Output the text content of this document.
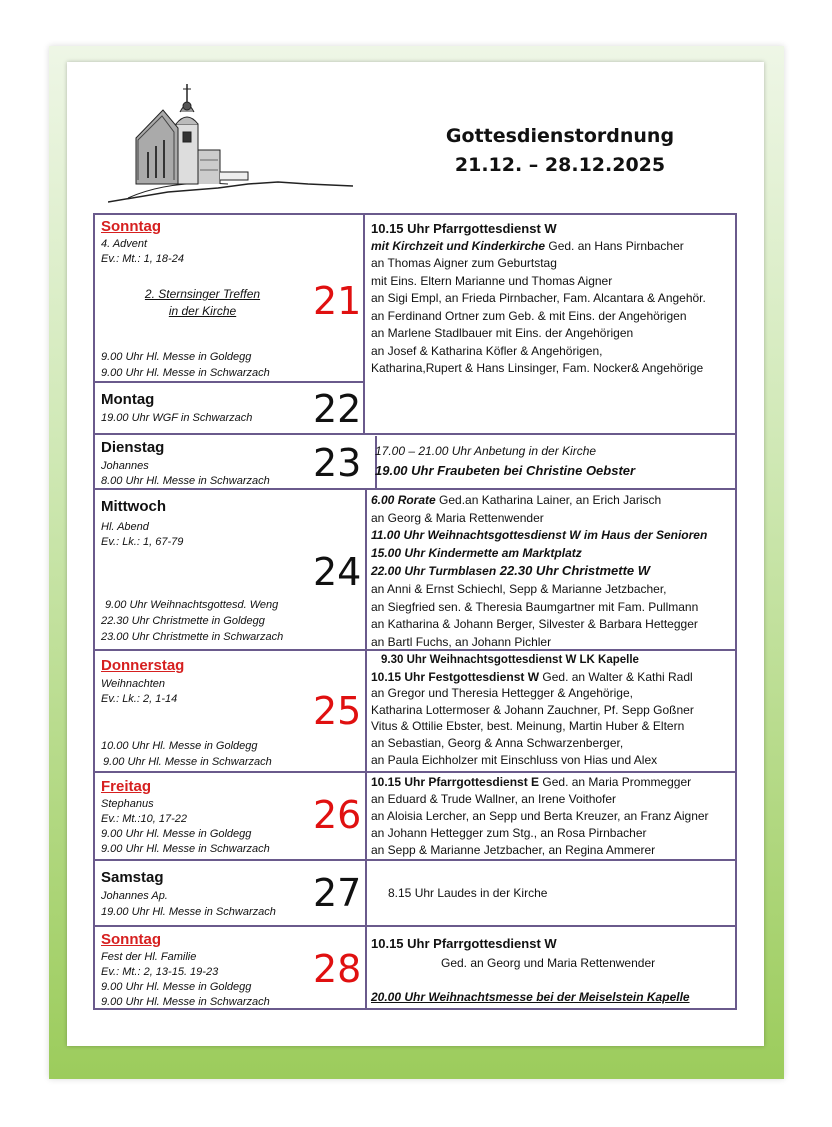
Gottesdienstordnung
21.12. – 28.12.2025
Sonntag
4. Advent
Ev.: Mt.: 1, 18-24
2. Sternsinger Treffen
in der Kirche
9.00 Uhr Hl. Messe in Goldegg
9.00 Uhr Hl. Messe in Schwarzach
21
10.15 Uhr Pfarrgottesdienst W
mit Kirchzeit und Kinderkirche Ged. an Hans Pirnbacher
an Thomas Aigner zum Geburtstag
mit Eins. Eltern Marianne und Thomas Aigner
an Sigi Empl, an Frieda Pirnbacher, Fam. Alcantara & Angehör.
an Ferdinand Ortner zum Geb. & mit Eins. der Angehörigen
an Marlene Stadlbauer mit Eins. der Angehörigen
an Josef & Katharina Köfler & Angehörigen,
Katharina,Rupert & Hans Linsinger, Fam. Nocker& Angehörige
Montag
19.00 Uhr WGF in Schwarzach 22
Dienstag
Johannes
8.00 Uhr Hl. Messe in Schwarzach 23 17.00 – 21.00 Uhr Anbetung in der Kirche
19.00 Uhr Fraubeten bei Christine Oebster
Mittwoch
Hl. Abend
Ev.: Lk.: 1, 67-79
9.00 Uhr Weihnachtsgottesd. Weng
22.30 Uhr Christmette in Goldegg
23.00 Uhr Christmette in Schwarzach
24
6.00 Rorate Ged.an Katharina Lainer, an Erich Jarisch
an Georg & Maria Rettenwender
11.00 Uhr Weihnachtsgottesdienst W im Haus der Senioren
15.00 Uhr Kindermette am Marktplatz
22.00 Uhr Turmblasen 22.30 Uhr Christmette W
an Anni & Ernst Schiechl, Sepp & Marianne Jetzbacher,
an Siegfried sen. & Theresia Baumgartner mit Fam. Pullmann
an Katharina & Johann Berger, Silvester & Barbara Hettegger
an Bartl Fuchs, an Johann Pichler
Donnerstag
Weihnachten
Ev.: Lk.: 2, 1-14
10.00 Uhr Hl. Messe in Goldegg
9.00 Uhr Hl. Messe in Schwarzach
25
9.30 Uhr Weihnachtsgottesdienst W LK Kapelle
10.15 Uhr Festgottesdienst W Ged. an Walter & Kathi Radl
an Gregor und Theresia Hettegger & Angehörige,
Katharina Lottermoser & Johann Zauchner, Pf. Sepp Goßner
Vitus & Ottilie Ebster, best. Meinung, Martin Huber & Eltern
an Sebastian, Georg & Anna Schwarzenberger,
an Paula Eichholzer mit Einschluss von Hias und Alex
Freitag
Stephanus
Ev.: Mt.:10, 17-22
9.00 Uhr Hl. Messe in Goldegg
9.00 Uhr Hl. Messe in Schwarzach
26
10.15 Uhr Pfarrgottesdienst E Ged. an Maria Prommegger
an Eduard & Trude Wallner, an Irene Voithofer
an Aloisia Lercher, an Sepp und Berta Kreuzer, an Franz Aigner
an Johann Hettegger zum Stg., an Rosa Pirnbacher
an Sepp & Marianne Jetzbacher, an Regina Ammerer
Samstag
Johannes Ap.
19.00 Uhr Hl. Messe in Schwarzach 27 8.15 Uhr Laudes in der Kirche
Sonntag
Fest der Hl. Familie
Ev.: Mt.: 2, 13-15. 19-23
9.00 Uhr Hl. Messe in Goldegg
9.00 Uhr Hl. Messe in Schwarzach
28
10.15 Uhr Pfarrgottesdienst W
Ged. an Georg und Maria Rettenwender
20.00 Uhr Weihnachtsmesse bei der Meiselstein Kapelle
